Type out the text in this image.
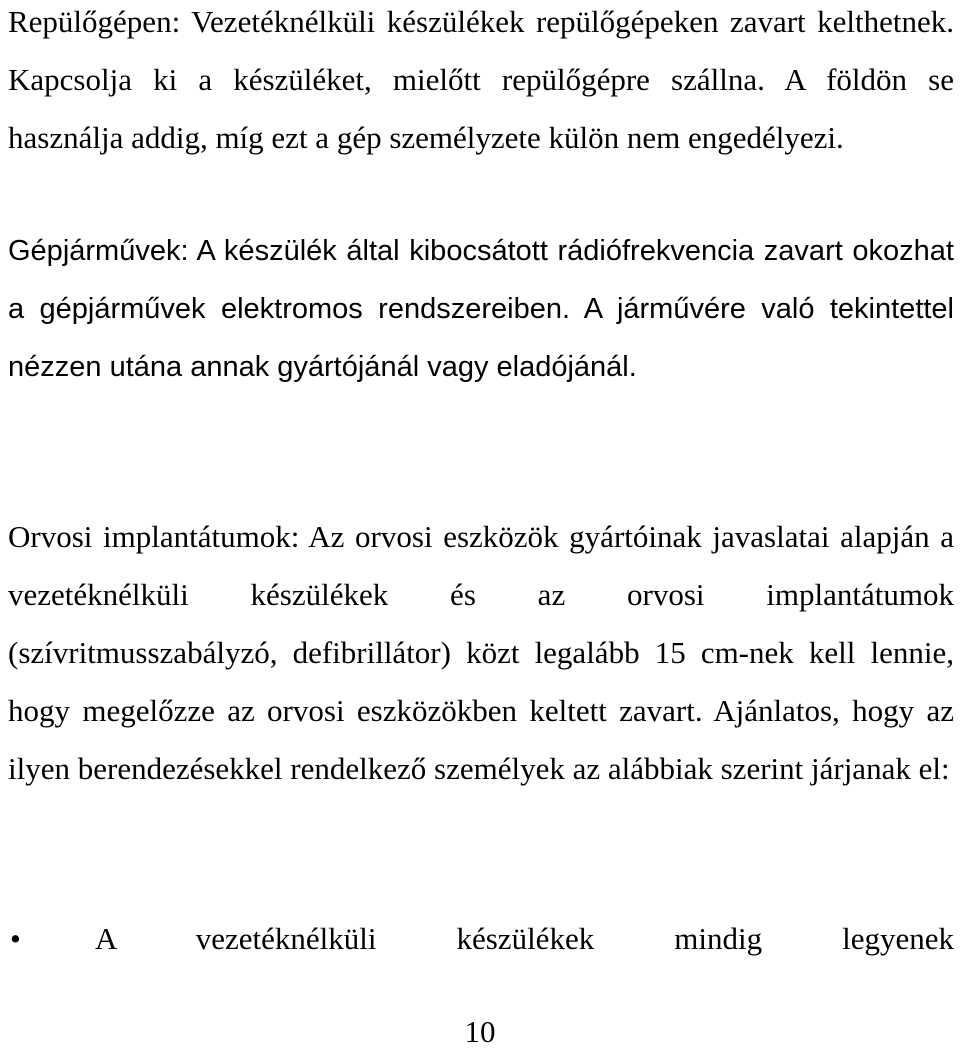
Repülőgépen: Vezetéknélküli készülékek repülőgépeken zavart kelthetnek. Kapcsolja ki a készüléket, mielőtt repülőgépre szállna. A földön se használja addig, míg ezt a gép személyzete külön nem engedélyezi.

Gépjárművek: A készülék által kibocsátott rádiófrekvencia zavart okozhat a gépjárművek elektromos rendszereiben. A járművére való tekintettel nézzen utána annak gyártójánál vagy eladójánál.

Orvosi implantátumok: Az orvosi eszközök gyártóinak javaslatai alapján a vezetéknélküli készülékek és az orvosi implantátumok (szívritmusszabályzó, defibrillátor) közt legalább 15 cm-nek kell lennie, hogy megelőzze az orvosi eszközökben keltett zavart. Ajánlatos, hogy az ilyen berendezésekkel rendelkező személyek az alábbiak szerint járjanak el:

•	A vezetéknélküli készülékek mindig legyenek
10
